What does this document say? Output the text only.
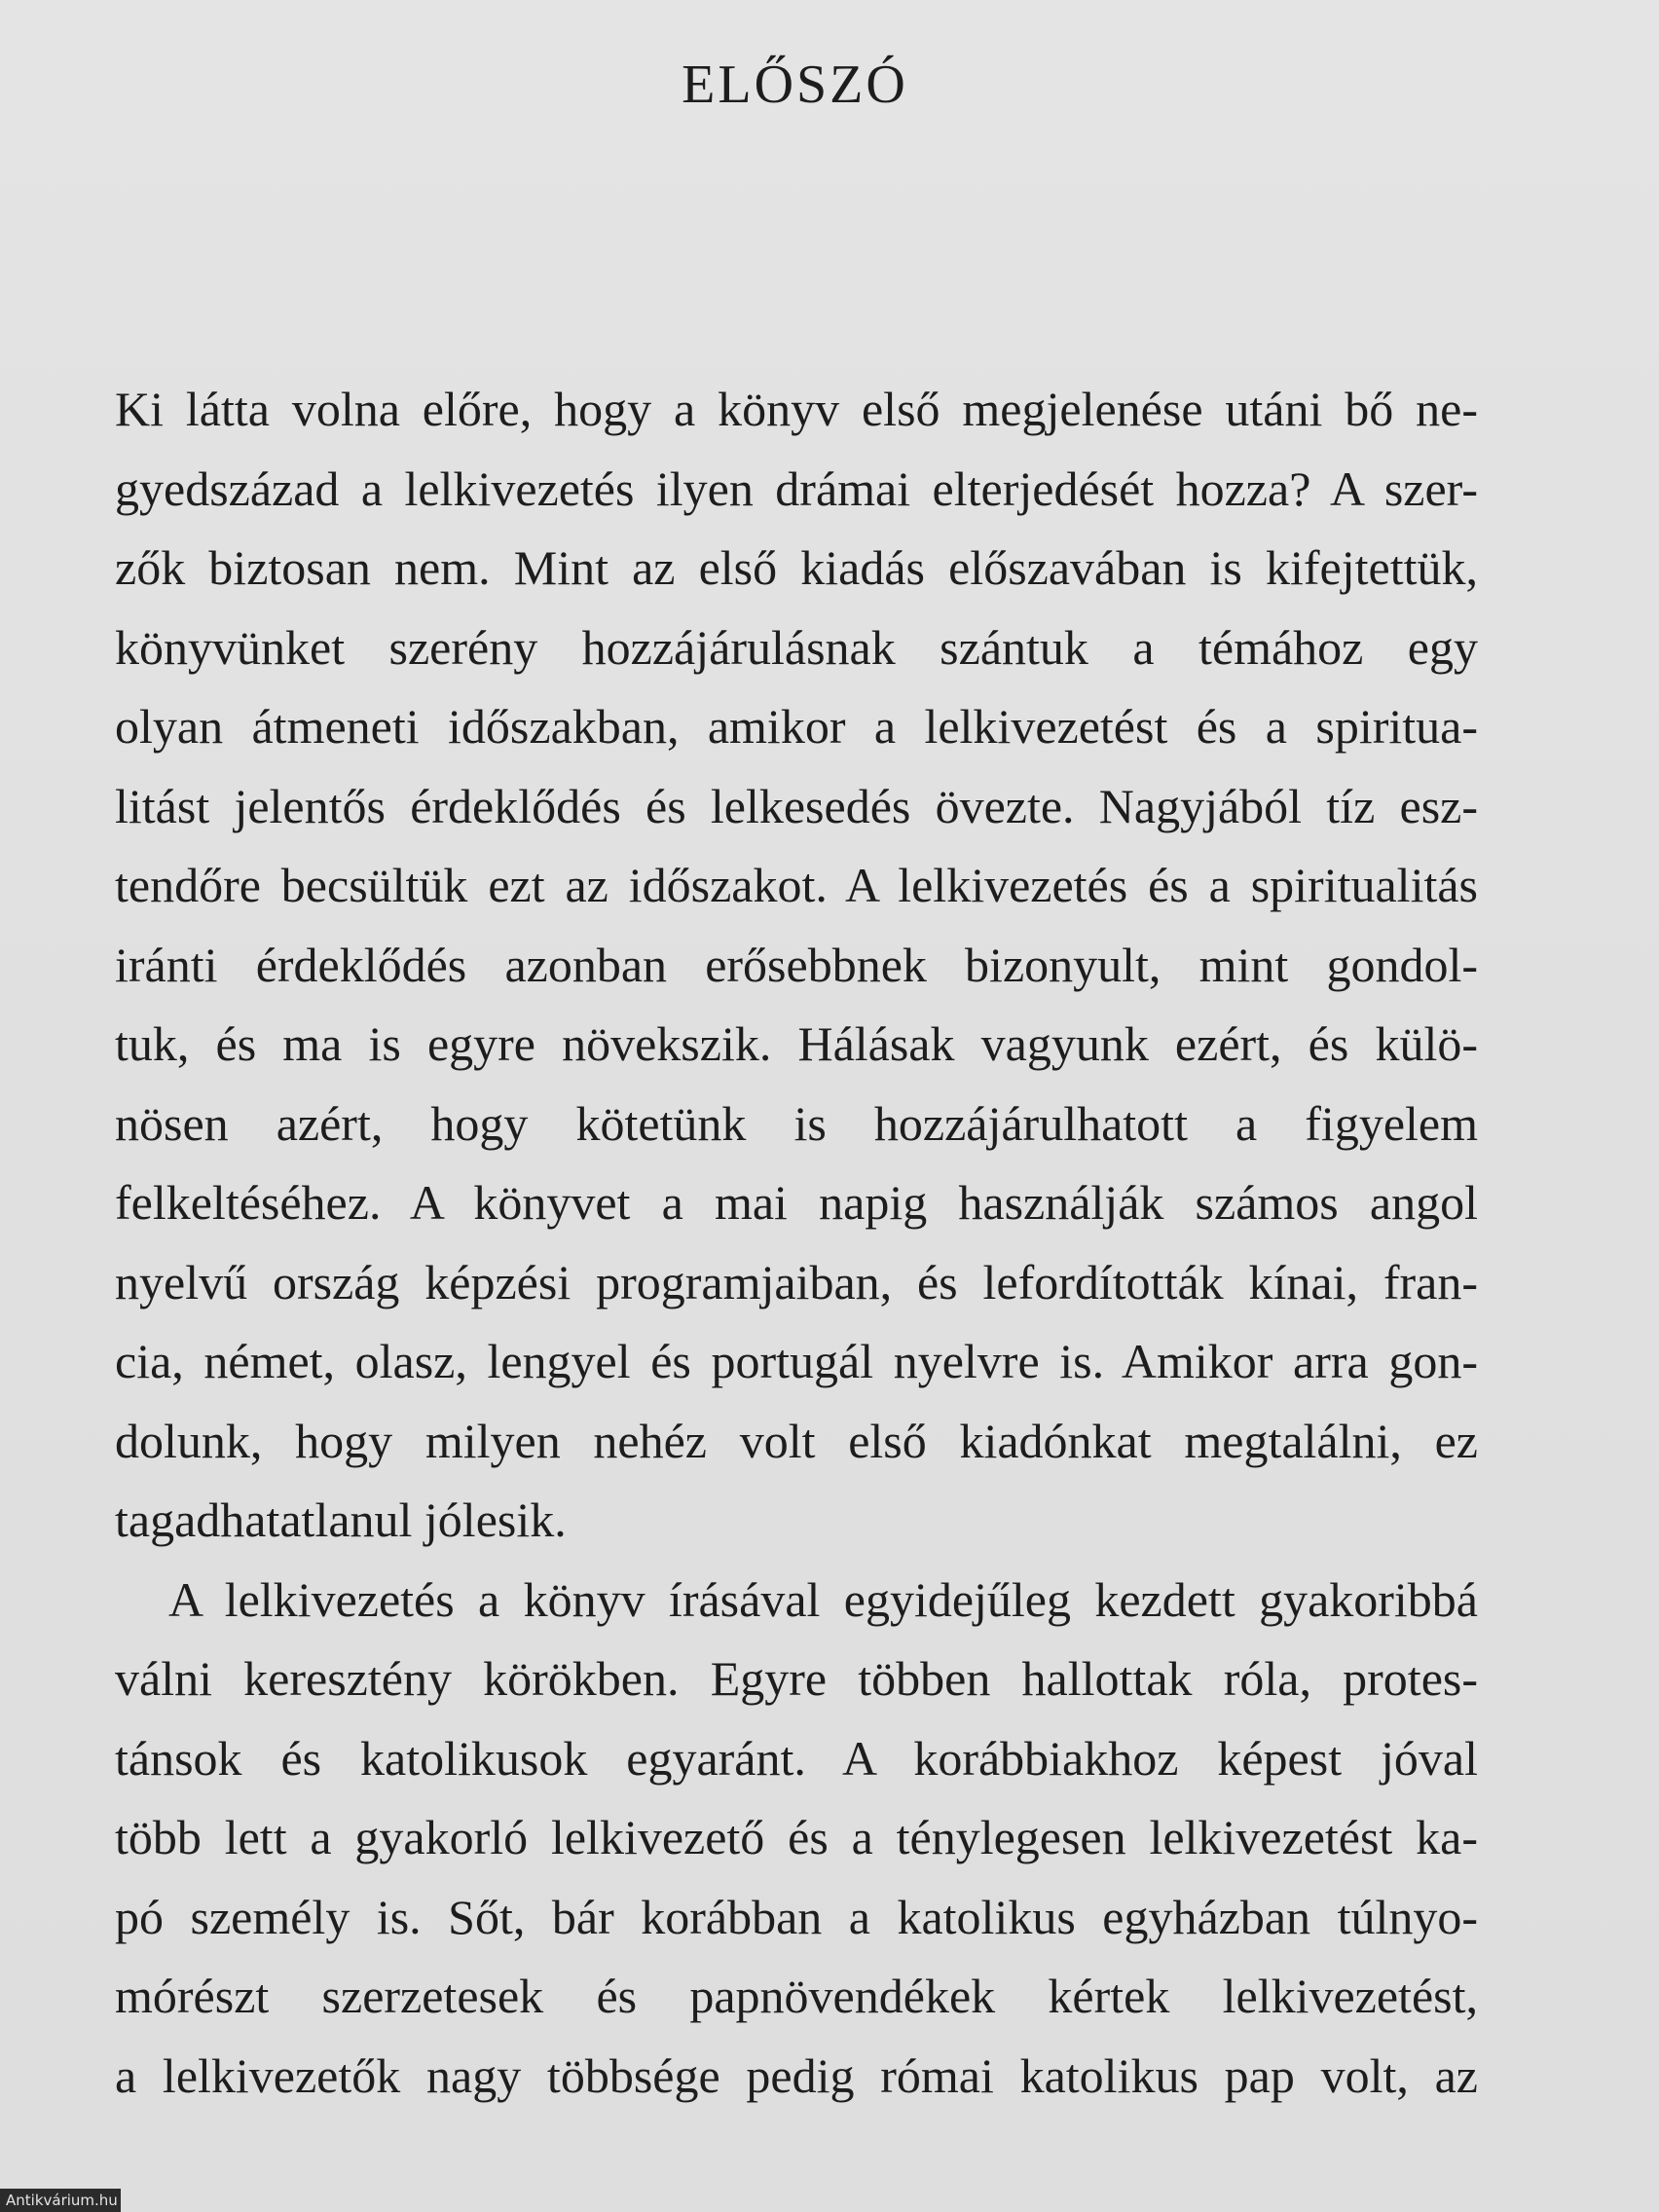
ELŐSZÓ
Ki látta volna előre, hogy a könyv első megjelenése utáni bő ne-
gyedszázad a lelkivezetés ilyen drámai elterjedését hozza? A szer-
zők biztosan nem. Mint az első kiadás előszavában is kifejtettük,
könyvünket szerény hozzájárulásnak szántuk a témához egy
olyan átmeneti időszakban, amikor a lelkivezetést és a spiritua-
litást jelentős érdeklődés és lelkesedés övezte. Nagyjából tíz esz-
tendőre becsültük ezt az időszakot. A lelkivezetés és a spiritualitás
iránti érdeklődés azonban erősebbnek bizonyult, mint gondol-
tuk, és ma is egyre növekszik. Hálásak vagyunk ezért, és külö-
nösen azért, hogy kötetünk is hozzájárulhatott a figyelem
felkeltéséhez. A könyvet a mai napig használják számos angol
nyelvű ország képzési programjaiban, és lefordították kínai, fran-
cia, német, olasz, lengyel és portugál nyelvre is. Amikor arra gon-
dolunk, hogy milyen nehéz volt első kiadónkat megtalálni, ez
tagadhatatlanul jólesik.
A lelkivezetés a könyv írásával egyidejűleg kezdett gyakoribbá
válni keresztény körökben. Egyre többen hallottak róla, protes-
tánsok és katolikusok egyaránt. A korábbiakhoz képest jóval
több lett a gyakorló lelkivezető és a ténylegesen lelkivezetést ka-
pó személy is. Sőt, bár korábban a katolikus egyházban túlnyo-
mórészt szerzetesek és papnövendékek kértek lelkivezetést,
a lelkivezetők nagy többsége pedig római katolikus pap volt, az
Antikvárium.hu
